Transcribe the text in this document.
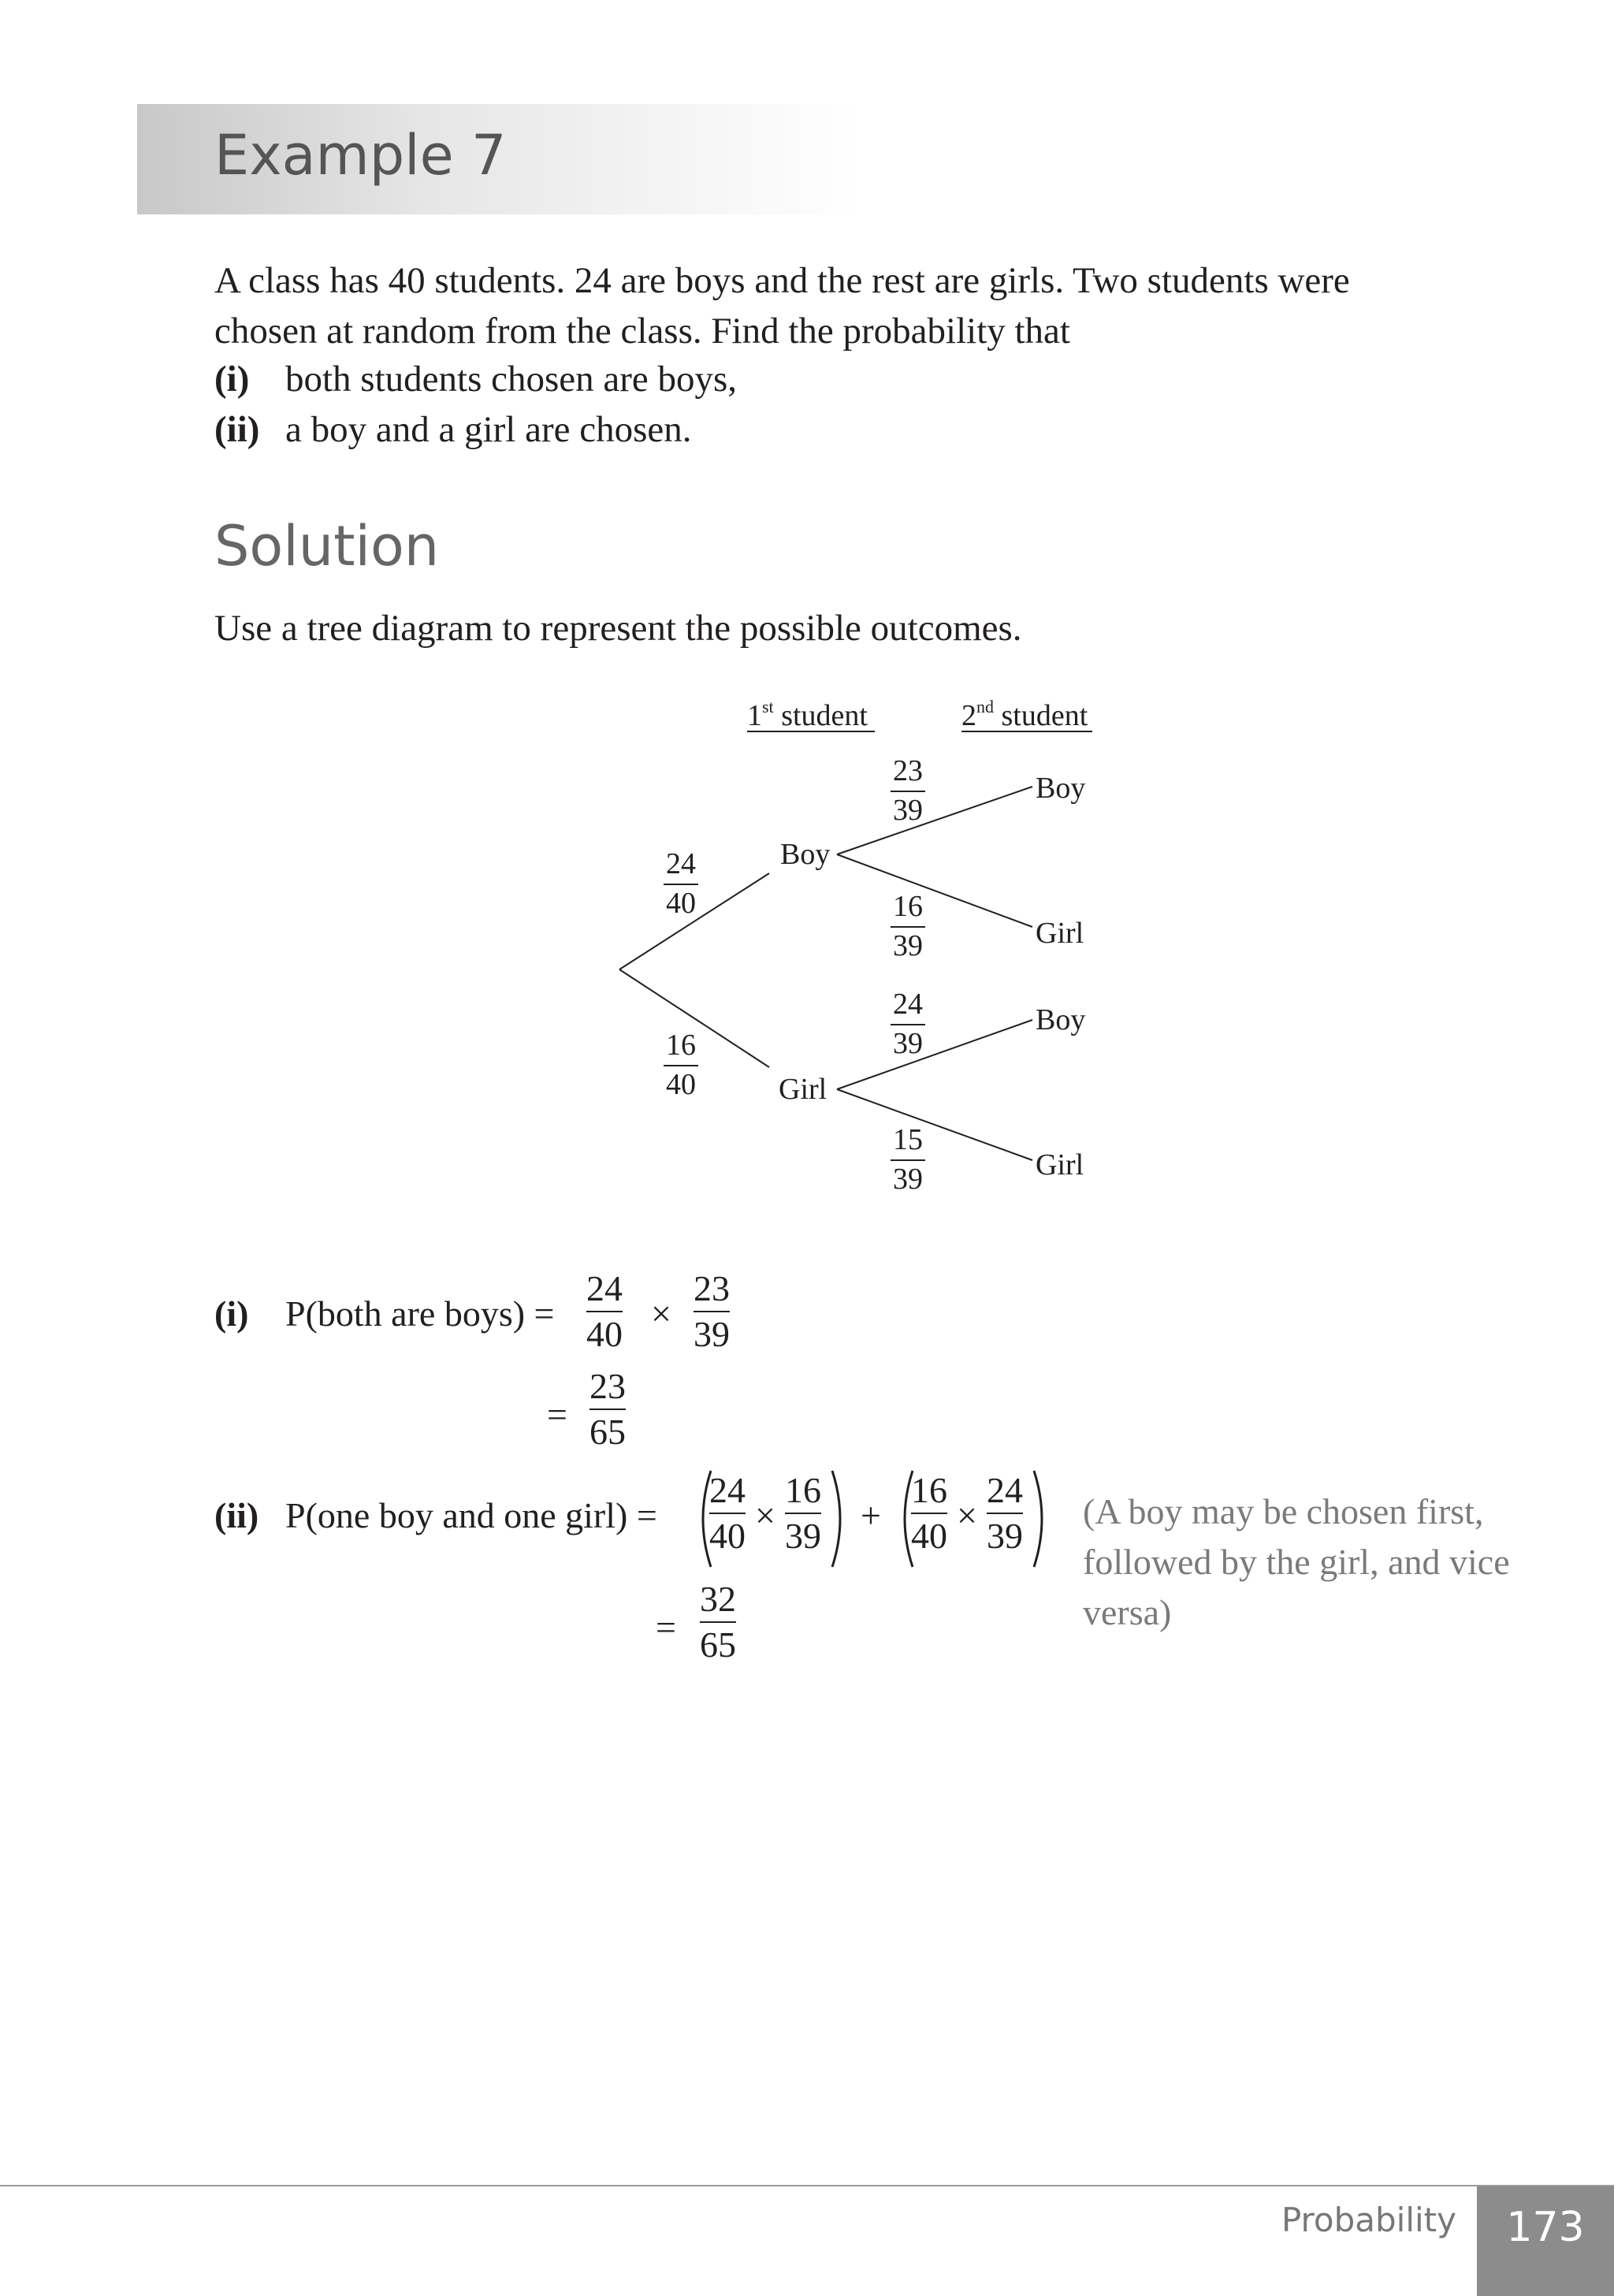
Example 7
A class has 40 students. 24 are boys and the rest are girls. Two students were
chosen at random from the class. Find the probability that
(i) both students chosen are boys,
(ii) a boy and a girl are chosen.
Solution
Use a tree diagram to represent the possible outcomes.
1st student	2nd student
Boy
Girl
24
40
16
40
Boy
Girl
Boy
Girl
23
39
16
39
24
39
15
39
(i) P(both are boys) =
24
40
×
23
39
=
23
65
(ii) P(one boy and one girl) =
24
40
×
16
39
+
16
40
×
24
39
(A boy may be chosen first, followed by the girl, and vice versa)
=
32
65
Probability	173
